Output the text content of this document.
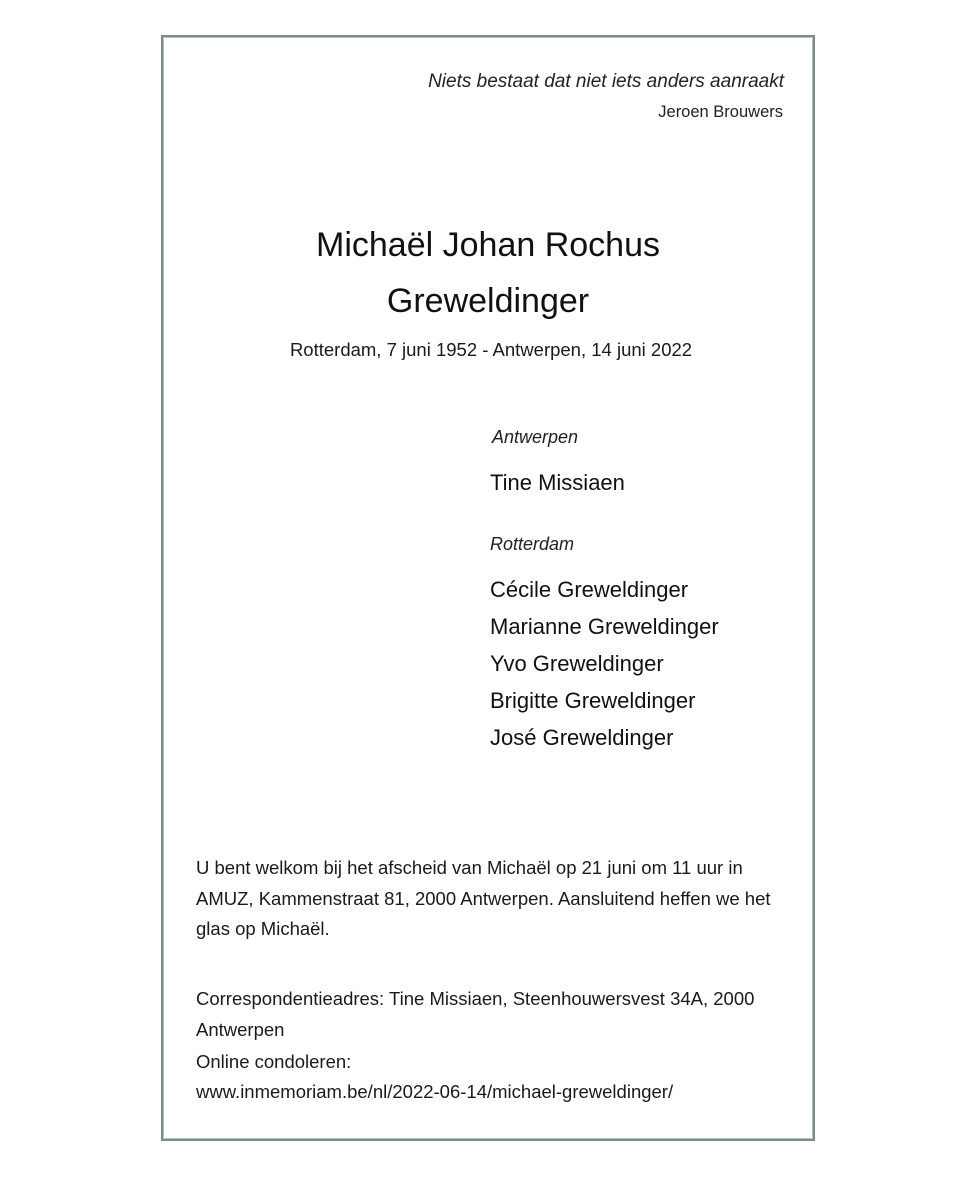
Niets bestaat dat niet iets anders aanraakt
Jeroen Brouwers
Michaël Johan Rochus
Greweldinger
Rotterdam, 7 juni 1952 - Antwerpen, 14 juni 2022

Antwerpen

Tine Missiaen

Rotterdam

Cécile Greweldinger
Marianne Greweldinger
Yvo Greweldinger
Brigitte Greweldinger
José Greweldinger
U bent welkom bij het afscheid van Michaël op 21 juni om 11 uur in AMUZ, Kammenstraat 81, 2000 Antwerpen. Aansluitend heffen we het glas op Michaël.
Correspondentieadres: Tine Missiaen, Steenhouwersvest 34A, 2000 Antwerpen
Online condoleren:
www.inmemoriam.be/nl/2022-06-14/michael-greweldinger/
